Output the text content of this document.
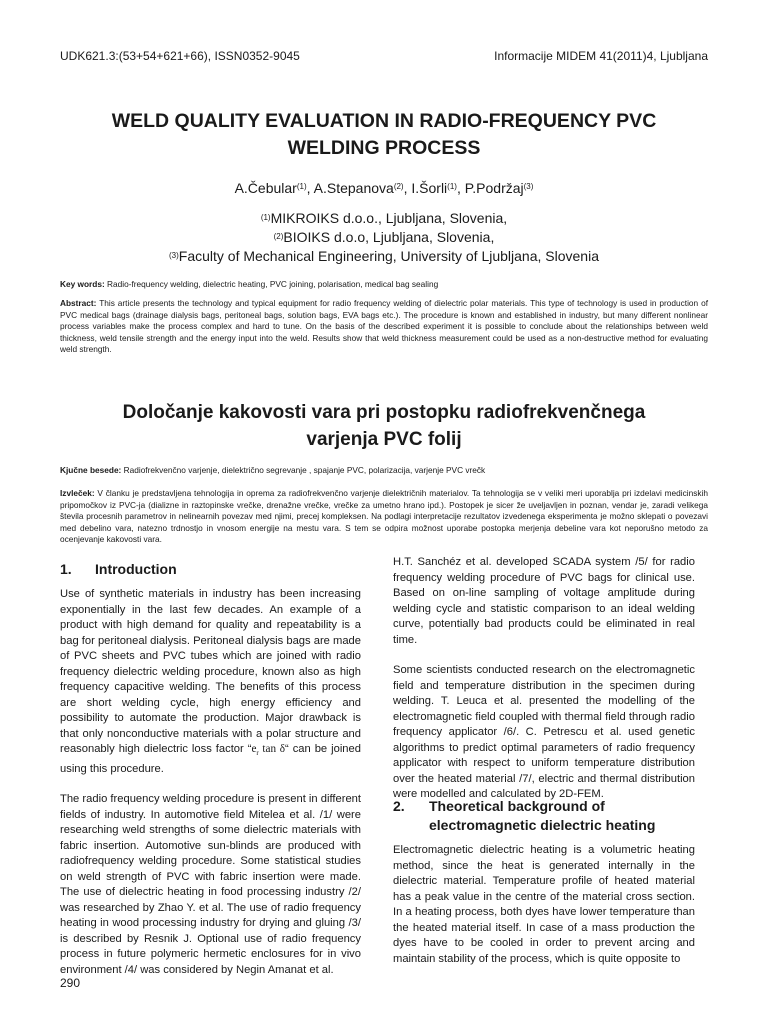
UDK621.3:(53+54+621+66), ISSN0352-9045	Informacije MIDEM 41(2011)4, Ljubljana
WELD QUALITY EVALUATION IN RADIO-FREQUENCY PVC
WELDING PROCESS
A.Čebular$^{(1)}$, A.Stepanova$^{(2)}$, I.Šorli$^{(1)}$, P.Podržaj$^{(3)}$
$^{(1)}$MIKROIKS d.o.o., Ljubljana, Slovenia,
$^{(2)}$BIOIKS d.o.o, Ljubljana, Slovenia,
$^{(3)}$Faculty of Mechanical Engineering, University of Ljubljana, Slovenia
Key words: Radio-frequency welding, dielectric heating, PVC joining, polarisation, medical bag sealing
Abstract: This article presents the technology and typical equipment for radio frequency welding of dielectric polar materials. This type of technology is used in production of PVC medical bags (drainage dialysis bags, peritoneal bags, solution bags, EVA bags etc.). The procedure is known and established in industry, but many different nonlinear process variables make the process complex and hard to tune. On the basis of the described experiment it is possible to conclude about the relationships between weld thickness, weld tensile strength and the energy input into the weld. Results show that weld thickness measurement could be used as a non-destructive method for evaluating weld strength.
Določanje kakovosti vara pri postopku radiofrekvenčnega
varjenja PVC folij
Kjučne besede: Radiofrekvenčno varjenje, dielektrično segrevanje , spajanje PVC, polarizacija, varjenje PVC vrečk
Izvleček: V članku je predstavljena tehnologija in oprema za radiofrekvenčno varjenje dielektričnih materialov. Ta tehnologija se v veliki meri uporablja pri izdelavi medicinskih pripomočkov iz PVC-ja (dializne in raztopinske vrečke, drenažne vrečke, vrečke za umetno hrano ipd.). Postopek je sicer že uveljavljen in poznan, vendar je, zaradi velikega števila procesnih parametrov in nelinearnih povezav med njimi, precej kompleksen. Na podlagi interpretacije rezultatov izvedenega eksperimenta je možno sklepati o povezavi med debelino vara, natezno trdnostjo in vnosom energije na mestu vara. S tem se odpira možnost uporabe postopka merjenja debeline vara kot neporušno metodo za ocenjevanje kakovosti vara.
1. Introduction

Use of synthetic materials in industry has been increasing exponentially in the last few decades. An example of a product with high demand for quality and repeatability is a bag for peritoneal dialysis. Peritoneal dialysis bags are made of PVC sheets and PVC tubes which are joined with radio frequency dielectric welding procedure, known also as high frequency capacitive welding. The benefits of this process are short welding cycle, high energy efficiency and possibility to automate the production. Major drawback is that only nonconductive materials with a polar structure and reasonably high dielectric loss factor “$e_r$ tan δ“ can be joined using this procedure.

The radio frequency welding procedure is present in different fields of industry. In automotive field Mitelea et al. /1/ were researching weld strengths of some dielectric materials with fabric insertion. Automotive sun-blinds are produced with radiofrequency welding procedure. Some statistical studies on weld strength of PVC with fabric insertion were made. The use of dielectric heating in food processing industry /2/ was researched by Zhao Y. et al. The use of radio frequency heating in wood processing industry for drying and gluing /3/ is described by Resnik J. Optional use of radio frequency process in future polymeric hermetic enclosures for in vivo environment /4/ was considered by Negin Amanat et al.

H.T. Sanchéz et al. developed SCADA system /5/ for radio frequency welding procedure of PVC bags for clinical use. Based on on-line sampling of voltage amplitude during welding cycle and statistic comparison to an ideal welding curve, potentially bad products could be eliminated in real time.

Some scientists conducted research on the electromagnetic field and temperature distribution in the specimen during welding. T. Leuca et al. presented the modelling of the electromagnetic field coupled with thermal field through radio frequency applicator /6/. C. Petrescu et al. used genetic algorithms to predict optimal parameters of radio frequency applicator with respect to uniform temperature distribution over the heated material /7/, electric and thermal distribution were modelled and calculated by 2D-FEM.

2. Theoretical background of
electromagnetic dielectric heating
Electromagnetic dielectric heating is a volumetric heating method, since the heat is generated internally in the dielectric material. Temperature profile of heated material has a peak value in the centre of the material cross section. In a heating process, both dyes have lower temperature than the heated material itself. In case of a mass production the dyes have to be cooled in order to prevent arcing and maintain stability of the process, which is quite opposite to
290
